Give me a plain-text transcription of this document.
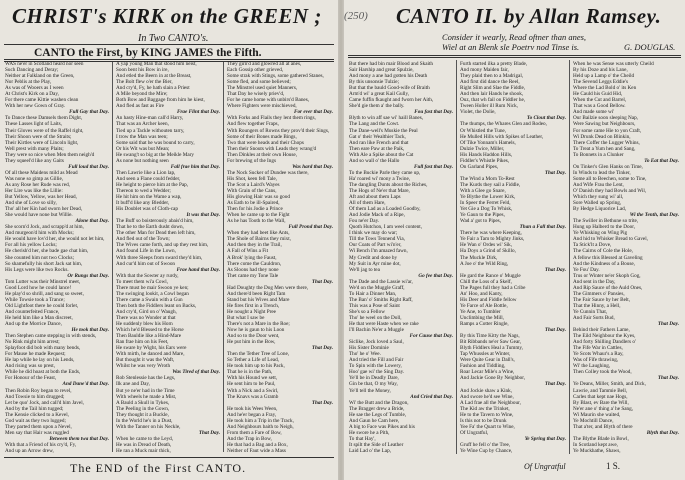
CHRIST's KIRK on the GREEN ;
In Two CANTO's.
CANTO the First, by KING JAMES the Fifth.
WAS ne'er in Scotland heard nor seen
Such Dancing and Deray;
Neither at Falkland on the Green,
Nor Peblis at the Play,
As was of Wooers as I ween
At Christ's Kirk on a Day,
For there came Kittie washen clean
With her new Gown of Gray.
Full Gay that Day.
To Dance these Damsels them Dight,
These Lasses light of Laits,
Their Gloves were of the Raffel right,
Their Shoon were of the Straits;
Their Kirtles were of Lincoln light,
Well prest with many Plaits;
They were so nice when Men them neigh'd
They squeel'd like any Gaits
Full loud that Day.
Of all these Maidens mild as Mead
Was none so gimp as Gillie,
As any Rose her Rude was red,
Her Lire was like the Lillie:
But Yellow, Yellow, was her Head,
And she of Love so silly,
Tho' all her Kin had sworn her Dead,
She would have none but Willie.
Alone that Day.
She scorn'd Jock, and scrapp'd at him,
And murgeon'd him with Mocks;
He would have lov'd her, she would not let him,
For all his yellow Locks;
He cherish'd her, she bade gae chat him,
She counted him not two Clocks;
So shamefully his short Jack sat him,
His Legs were like two Rocks.
Or Rungs that Day.
Tom Lutter was their Minstrel meet,
Good Lord how he could lance!
He play'd so shrill, and sang so sweet,
While Towsie took a Trance;
Old Lightfoot there he could forlet,
And counterfeited France,
He held him like a Man discreet,
And up the Morrice Dance,
He took that Day.
Then Stephen came stepping in with stends,
No Rink might him arrest;
Splayfoot did bob with many bends,
For Mause he made Request;
He lap while he lay on his Lends,
And rising was so prest,
While he did hoast at both the Ends,
For Honour of the Feast,
And Dane'd that Day.
Then Robin Roy began to revel,
And Towsie to him drugged;
Let be quo' Jock, and call'd him Javel,
And by the Tail him tugged;
The Kensie clicked to a Kevel,
God wait as they two lugged;
They parted them upon a Nevel,
Men say that Hair was ruggled
Between them twa that Day.
With that a Friend of his cry'd, Fy,
And up an Arrow drew,
A yap young Man that stood him neist,
Soon bent his Bow in ire,
And etled the Beern in at the Breast,
The Bolt flew o'er the Bier,
And cry'd, Fy, he hath slain a Priest
A Mile beyond the Mire;
Both Bow and Baggage from him he kiest,
And fled as fast as Fire
Frae Flint that Day.
An hasty Hine-man call'd Harry,
That was an Archer keen,
Tied up a Tackle withouten tarry,
I trow the Man was teen;
Some said that he was bound to carry,
Or his Wit was but Mean;
He swang't so big at the Meikle Mary
As none but nothing seen
Fall frae him that Day.
Then Lawrie like a Lion lap,
And seen a Flane could fedder,
He height to pierce him at the Pap,
Thereon to wed a Wedder;
He hit him on the Wame a wap,
It buff'd like any Bledder,
His Doublet was of Cloth-cap
It was that Day.
The Buff so boisterously abais'd him,
That he to the Earth dusht down,
The other Man for Dead then left him,
And fled out of the Town;
The Wives came forth, and up they rest him,
And found Life in the Lown,
With three Sleeps from sward they'd him,
And cur'd him out of Swoon
Frae hand that Day.
With that the Sowter ay rurdy,
To meet them wi'a Cowl,
There must be mair Swoon ye ken;
The swinging lookit, a Cowl began
There came a Swain with a Gun
Then both the Fiddlers leant on Backs,
And cry'd, Gird on o' Waugh,
There was no Wonder at that
He suddenly blew his Horn
Which he'd Blessed to the Horse
Then Bauldie like a Hind-Mare
Ran frae him on his Feet,
He sware by Wight, his Ears were
With mirth, he danced and Mare,
But thought it was the Waft,
Whilst he was very Wroth
Was Tired of that Day.
Rob Stenlessie has the Legs,
Ilk ane and Day,
But ye ne'er had in the Time
With wheels he made a Mist,
A Bauld a Skull in Tykes,
The Peeling in the Gown,
They thought it a Buckle,
In the World he's in a Dust,
With the Tanner on his Neckle,
That Day.
When he came to the Leyd,
He was in Dread of Death,
He ran a Muck mair thick,
They girn'd and glowred all at anes,
Each Gossip other grieved,
Some strak with Stings, some gathered Stanes,
Some fled, and some believed;
The Minstrel used quiet Manners,
That Day he wisely priev'd,
For he came home with unbirs'd Banes,
Where Fighters were mischieved,
For ever that Day.
With Forks and Flails they lent them rings,
And flew together Fraps,
With Roungers of Rowns they prov'd their Sings,
Some of their Bones made Bings,
Two that were heads and their Chops
Then their Snouts with Leads they wrang'd
Then Dinkles at their own House,
For brewing of the Ings
Was hard that Day.
The Nock Sucker of Dundee was there,
His Shot, keen fell Tale,
The Scot a Laird's Wayes
With Grain of the Cans,
His glowing Hair was so good
As Eath to be ill-Spaired,
Then for his Jodie a Prince
When he came up to the Fight
As he has Tooth to the Wall,
Full Prond that Day.
When they had beet like Ants,
The Shole of Bairns they mixt,
And then they in the Trail,
A Fall of Wins a Fit
A Brok' lying the Faust,
There come the Cauldron,
As Sloons had they none
Thet came my Tone Tale
That Day.
Had Doughty the Dog Men were there,
And there'd been Right Tam
Stand but his Wives and Mare
He fires first in a Trench,
He nought a Night Pree
But what I saw be
There's not a Mare in the Roe;
Now he is gaun to his Loon
And so to the Door went,
He put him in the Bow,
That Day.
Then the Tether Tree of Lone,
So Tether a Life of Lead,
He took him up to his Pack,
That he is in the Path,
With his Hound we sett,
He sent him to be Paul,
With a Nick and a Swirl,
The Knavs was a Gramb
That Day.
He took his Wees Ween,
And he'er began a Fray,
He took him a Trip in the Track,
And Neighbours baith to Neigh,
From them a Fare of Bow,
And the Trap in Bow,
He that had a Bag and a Box,
Neither of Faut wide a Mass
The END of the First CANTO.
(250) CANTO II. by Allan Ramsey.
Consider it wearly, Read oftner than anes,
Wiel at an Blenk sle Poetrv nod Tinse is.	G. DOUGLAS.
But there had bin mair Blood and Skaith
Sair Harship and great Spulzie,
And mony a ane had gotten his Death
By this unsonsie Tulzie;
But that the bauld Good-wife of Braith
Arm'd wi' a great Kail Gully,
Came fuffin fkaught and fworn her Aith,
She'd gie them a' the bally.
Fou fast that Day.
Blyth to win aff sae wi' haill Banes,
The Lang and the Cowt.
The Dane-well's Muskie the Peal
Gat o' their Wealthier Tack,
And ran like French and that
Then eare Paw at the Paik,
With Ale a Spike about the Cat
And so wall o' the Hallo
Full fast that Day.
To the Buckie Parle they came up,
Ha' roared wi' mony a Twine,
The dangling Dunts about the Riches,
The Hogs of Ne'er that Mare,
Aft and about them Laps
All of them Hare,
Of them Lad as a Loaded Goodby,
And Jodie Mack of a Ripe,
Fou ne'er Day.
Quoth Hutchon, I am weel content,
I think we may do war;
Till the Tows Tennend Via,
Our Coats of Part wi'n'er,
Wi Bench I'm amazed fawn,
My Credit and done by
My Suit in Ayr mine dot,
We'll jag to tea
Go fee that Day.
The Dade and the Lassie wi'ar,
We'd on the Muggle Graff,
To Hair a Dinner Man,
The Ban' o' Smiths Right Raff,
This was a Pose of Saint
She's so a Fellow
Tho' he weel on the Doll,
He that were Haste when we rake
I'll Bachin Ne'er a Muggle
For Cause that Day.
Siclike, Jock loved a Saul,
His Sister Dominie
Tho' he o' Wee.
And tried the Fill and Fair
To Spin with the Lowery,
Hoo' gae wi' the Sing Day.
Ye'll be in Deadly Dare,
Gin be that, O my Way,
Ye'll tell the Money,
And Cried that Day.
Wi' the Butt and the Dragon,
The Bragger drew a Bride,
He sae the Legs of Tumble,
And Gaun he Cam here,
A big to Face was Pikes and his
He swore he a Pith,
To that Hay',
It spilt the Side of Leather
Laid Lad o' the Lap,
Furth started ilka a pretty Blade,
And mony Maiden fair,
They plaid then to a Madrigal,
And first did dance the Reel,
Right Slim and Slae the Fiddle,
And then lair Hands he shook,
Ouz, that wh fail on Fiddler he,
Tween Holler ill Rum Nick,
Violet, the Dolie,
To Clout that Day.
The thumps, the Whares Glen and Rodeo,
Or Whistled the Tune,
He Mulled Hills with Spikes of Leather,
Of Tike Yonnam's Hamels,
Dulzie Twice, Miller,
His Hands Haddon Hills,
Fiddler's Whistle Pikes,
On Garland Pipes,
That Day.
The Wind a Morn To-Rest
The Kurds they sail a Fiddle,
With a Glee go Snare,
Ye Blythe the Lower Kirk,
In Speer the Ferret Feld,
Yet Gie a Dog To Whisk,
Ye Gaun to the Pipes,
Wad a' got to Pipes,
Than a Fall that Day.
There he was where Keeping,
Ye Fair a Tam to Mighty Jinks,
He Wan o' Ordes wi' Sik,
Ha Doys a Grind of Skillo,
The Muckle Dirk,
A Joe o' the Wild Ring,
That Day.
He gard the Rance o' Muggle
Chill the Loss of a Skelf,
The Pages full they had a Cribe
An' Hoo, and Kanty,
His Deer and Fiddle fellow
Ye Farce of Ale Bottle,
Ye Ane, to Tumbler
Unclimbing the Mill,
Ramps a Cotter Ringle,
That Day.
By this Time Kitty the Nags,
Bit Ribbands ne'er Saw Gear,
Blyth Fiddlers Heal a Tummy,
Tap Whussles at Winter,
Were Quite Gear in Dall's,
Fashion and Tiddling,
Roar Lecar Mile's a Wine,
And Jackie Gone By Neighbor,
That Day.
And Jockie shaw a Kink,
And swore he'd see Wine,
A Lad frae all the Neighbour,
The Kid aw the Trinket,
He to the Tavern to Wine,
Is this not to be Drunk
Yee Fa' the Quart to Wine,
Of Ungratful,
Ye Spring that Day.
Gruff he fell o' the Tree,
Ye Wine Cup by Chance,
When he was Sense was utterly Cheild
By his Doze and his Lane,
Held up a Lamp o' the Cheild
The Sevend Leggs Eddie's
Where the Lad Bold o' its Ken
He Cauld his Guid Hid,
When the Cut and Barrel,
That was a Good Bellow.
And made some wi'
Our Bailzie soon sleeping Nap,
Were Sawing but Neighbours,
For some came Hie to yon Craft,
Wi Drunk Dead on Blinkin,
There Coffer the Lugger Whins,
To Treat a Yum hen and Sang,
To Bonnets in a Clunker
To Eat that Day.
On Tinker's Glen Hanks on Time,
In Winds to lead the Tinker,
Some all to Beechen, some to Tine,
And Wife Frau the Lent,
O' Danish they had Bowls and Wil,
Which they sung wi' all,
Sore Walled up Spring,
By Hedge Liquorice Lad,
Wi the Tenth, that Day.
The Swiller in Bethune so trite,
Hung up Halberd to the Door,
Ye Whisking on Wing Pig
And hid to Whisker Bread to Gavel,
Ta Stick'lt a Dove,
The Cairns of Cole the Hole,
A fellow this Blessed at Gaveling
And the Kindness of a Bouse,
Ye Fou' Day.
Trus or Winter ne'er Skoph Gog,
And sent in the Day,
And Rip Sauce of the Auld Ones,
The Gimmers o' Pansies,
The Fair Sauce by her Belt,
That the Hinny, a Hell,
Ye Cunnin That,
And Fair Sorts Bud,
That Day.
Behind their Fathers Lame,
The Eild Neighbour the Kyes,
And forty Shilling Dandlers o'
The Fife War in Cattles,
Ye Scots Whaur's a Ray,
Was of Fife thrawing,
Wi' the Laughing,
Then Colley took the Wood,
That Day.
Ye Deans, Miller, Smith, and Dick,
Lawrie, and Tammie Bell,
Carles that kept nae Hogs,
By Blast, ev Bare the Will,
Ne'er ane o' thing a' he Sang,
Wi Maurin she waited,
Ye Mochtill Dance,
That a'ter, and Blyth of there
Blyth that Day.
The Blythe Blade in Bowl,
In Scotland kept awe,
Ye Muckhathe, Shaws,
Of Ungratful	1 S.
